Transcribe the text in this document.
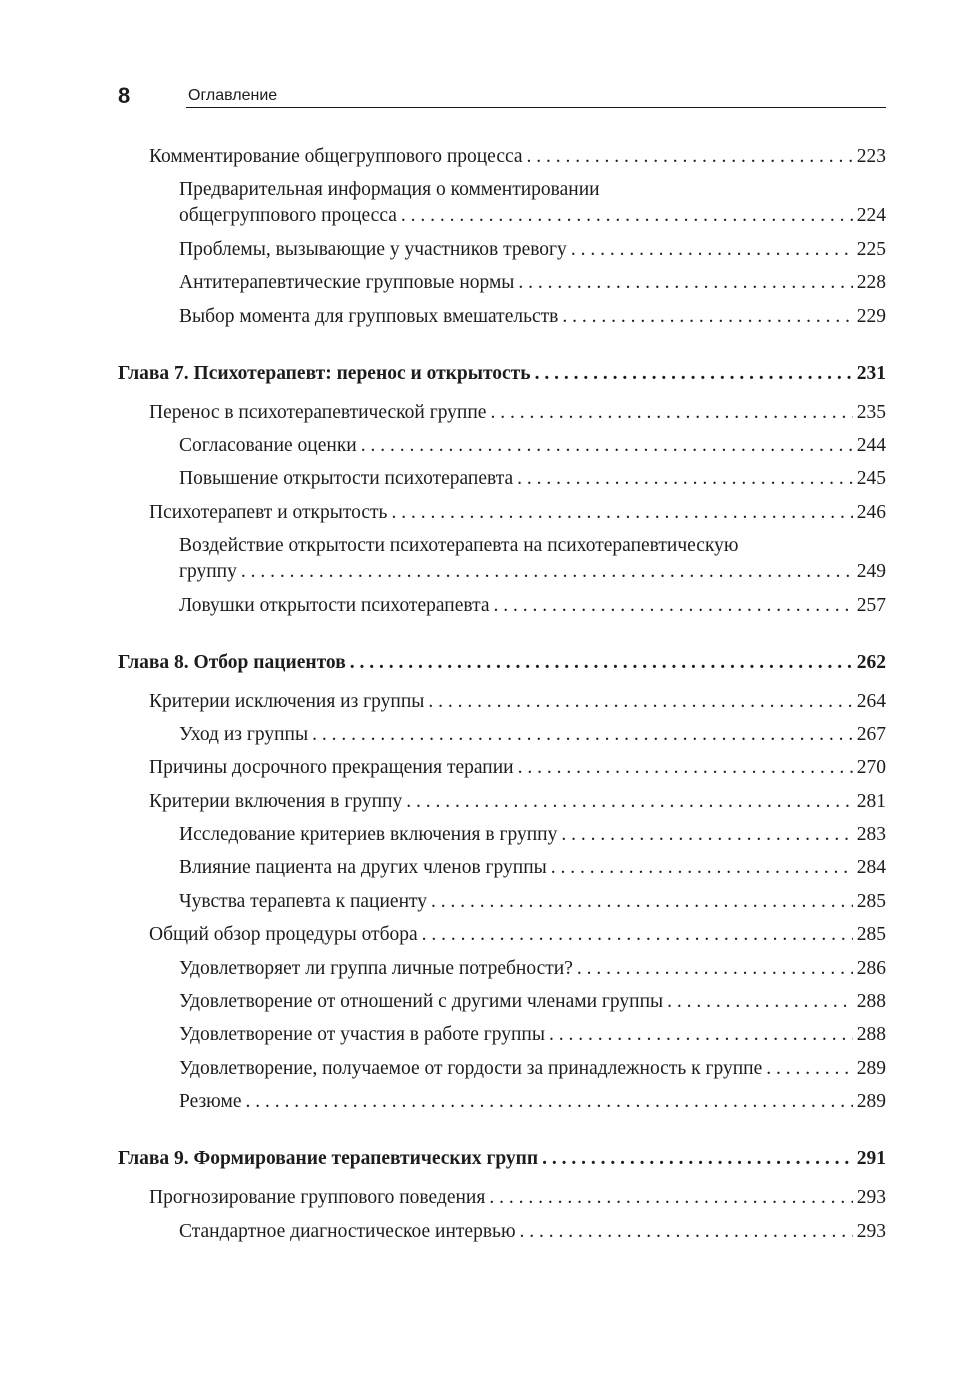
8	Оглавление
Комментирование общегруппового процесса . . .	223
Предварительная информация о комментировании
общегруппового процесса . . .	224
Проблемы, вызывающие у участников тревогу . . .	225
Антитерапевтические групповые нормы . . .	228
Выбор момента для групповых вмешательств . . .	229
Глава 7. Психотерапевт: перенос и открытость . . .	231
Перенос в психотерапевтической группе . . .	235
Согласование оценки . . .	244
Повышение открытости психотерапевта . . .	245
Психотерапевт и открытость . . .	246
Воздействие открытости психотерапевта на психотерапевтическую
группу . . .	249
Ловушки открытости психотерапевта . . .	257
Глава 8. Отбор пациентов . . .	262
Критерии исключения из группы . . .	264
Уход из группы . . .	267
Причины досрочного прекращения терапии . . .	270
Критерии включения в группу . . .	281
Исследование критериев включения в группу . . .	283
Влияние пациента на других членов группы . . .	284
Чувства терапевта к пациенту . . .	285
Общий обзор процедуры отбора . . .	285
Удовлетворяет ли группа личные потребности? . . .	286
Удовлетворение от отношений с другими членами группы . . .	288
Удовлетворение от участия в работе группы . . .	288
Удовлетворение, получаемое от гордости за принадлежность к группе . . .	289
Резюме . . .	289
Глава 9. Формирование терапевтических групп . . .	291
Прогнозирование группового поведения . . .	293
Стандартное диагностическое интервью . . .	293
